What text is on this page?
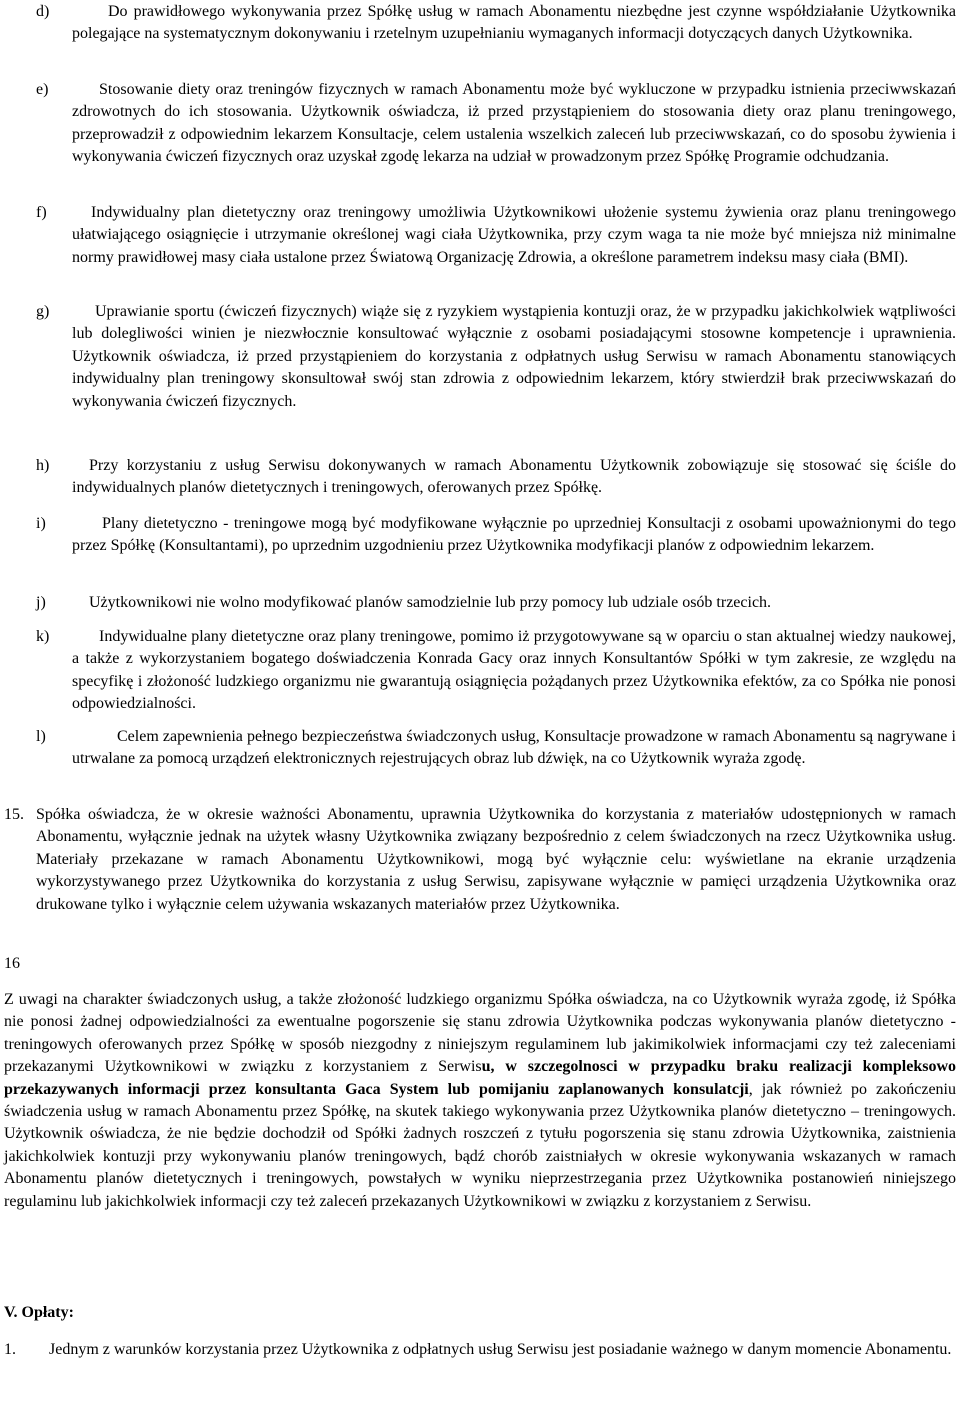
d)	Do prawidłowego wykonywania przez Spółkę usług w ramach Abonamentu niezbędne jest czynne współdziałanie Użytkownika polegające na systematycznym dokonywaniu i rzetelnym uzupełnianiu wymaganych informacji dotyczących danych Użytkownika.

e)	Stosowanie diety oraz treningów fizycznych w ramach Abonamentu może być wykluczone w przypadku istnienia przeciwwskazań zdrowotnych do ich stosowania. Użytkownik oświadcza, iż przed przystąpieniem do stosowania diety oraz planu treningowego, przeprowadził z odpowiednim lekarzem Konsultacje, celem ustalenia wszelkich zaleceń lub przeciwwskazań, co do sposobu żywienia i wykonywania ćwiczeń fizycznych oraz uzyskał zgodę lekarza na udział w prowadzonym przez Spółkę Programie odchudzania.

f)	Indywidualny plan dietetyczny oraz treningowy umożliwia Użytkownikowi ułożenie systemu żywienia oraz planu treningowego ułatwiającego osiągnięcie i utrzymanie określonej wagi ciała Użytkownika, przy czym waga ta nie może być mniejsza niż minimalne normy prawidłowej masy ciała ustalone przez Światową Organizację Zdrowia, a określone parametrem indeksu masy ciała (BMI).

g)	Uprawianie sportu (ćwiczeń fizycznych) wiąże się z ryzykiem wystąpienia kontuzji oraz, że w przypadku jakichkolwiek wątpliwości lub dolegliwości winien je niezwłocznie konsultować wyłącznie z osobami posiadającymi stosowne kompetencje i uprawnienia. Użytkownik oświadcza, iż przed przystąpieniem do korzystania z odpłatnych usług Serwisu w ramach Abonamentu stanowiących indywidualny plan treningowy skonsultował swój stan zdrowia z odpowiednim lekarzem, który stwierdził brak przeciwwskazań do wykonywania ćwiczeń fizycznych.

h)	Przy korzystaniu z usług Serwisu dokonywanych w ramach Abonamentu Użytkownik zobowiązuje się stosować się ściśle do indywidualnych planów dietetycznych i treningowych, oferowanych przez Spółkę.

i)	Plany dietetyczno - treningowe mogą być modyfikowane wyłącznie po uprzedniej Konsultacji z osobami upoważnionymi do tego przez Spółkę (Konsultantami), po uprzednim uzgodnieniu przez Użytkownika modyfikacji planów z odpowiednim lekarzem.

j)	Użytkownikowi nie wolno modyfikować planów samodzielnie lub przy pomocy lub udziale osób trzecich.

k)	Indywidualne plany dietetyczne oraz plany treningowe, pomimo iż przygotowywane są w oparciu o stan aktualnej wiedzy naukowej, a także z wykorzystaniem bogatego doświadczenia Konrada Gacy oraz innych Konsultantów Spółki w tym zakresie, ze względu na specyfikę i złożoność ludzkiego organizmu nie gwarantują osiągnięcia pożądanych przez Użytkownika efektów, za co Spółka nie ponosi odpowiedzialności.

l)	Celem zapewnienia pełnego bezpieczeństwa świadczonych usług, Konsultacje prowadzone w ramach Abonamentu są nagrywane i utrwalane za pomocą urządzeń elektronicznych rejestrujących obraz lub dźwięk, na co Użytkownik wyraża zgodę.

15. Spółka oświadcza, że w okresie ważności Abonamentu, uprawnia Użytkownika do korzystania z materiałów udostępnionych w ramach Abonamentu, wyłącznie jednak na użytek własny Użytkownika związany bezpośrednio z celem świadczonych na rzecz Użytkownika usług. Materiały przekazane w ramach Abonamentu Użytkownikowi, mogą być wyłącznie celu: wyświetlane na ekranie urządzenia wykorzystywanego przez Użytkownika do korzystania z usług Serwisu, zapisywane wyłącznie w pamięci urządzenia Użytkownika oraz drukowane tylko i wyłącznie celem używania wskazanych materiałów przez Użytkownika.

16

Z uwagi na charakter świadczonych usług, a także złożoność ludzkiego organizmu Spółka oświadcza, na co Użytkownik wyraża zgodę, iż Spółka nie ponosi żadnej odpowiedzialności za ewentualne pogorszenie się stanu zdrowia Użytkownika podczas wykonywania planów dietetyczno - treningowych oferowanych przez Spółkę w sposób niezgodny z niniejszym regulaminem lub jakimikolwiek informacjami czy też zaleceniami przekazanymi Użytkownikowi w związku z korzystaniem z Serwisu, w szczegolnosci w przypadku braku realizacji kompleksowo przekazywanych informacji przez konsultanta Gaca System lub pomijaniu zaplanowanych konsulatcji, jak również po zakończeniu świadczenia usług w ramach Abonamentu przez Spółkę, na skutek takiego wykonywania przez Użytkownika planów dietetyczno – treningowych. Użytkownik oświadcza, że nie będzie dochodził od Spółki żadnych roszczeń z tytułu pogorszenia się stanu zdrowia Użytkownika, zaistnienia jakichkolwiek kontuzji przy wykonywaniu planów treningowych, bądź chorób zaistniałych w okresie wykonywania wskazanych w ramach Abonamentu planów dietetycznych i treningowych, powstałych w wyniku nieprzestrzegania przez Użytkownika postanowień niniejszego regulaminu lub jakichkolwiek informacji czy też zaleceń przekazanych Użytkownikowi w związku z korzystaniem z Serwisu.

V. Opłaty:
1.	Jednym z warunków korzystania przez Użytkownika z odpłatnych usług Serwisu jest posiadanie ważnego w danym momencie Abonamentu.
